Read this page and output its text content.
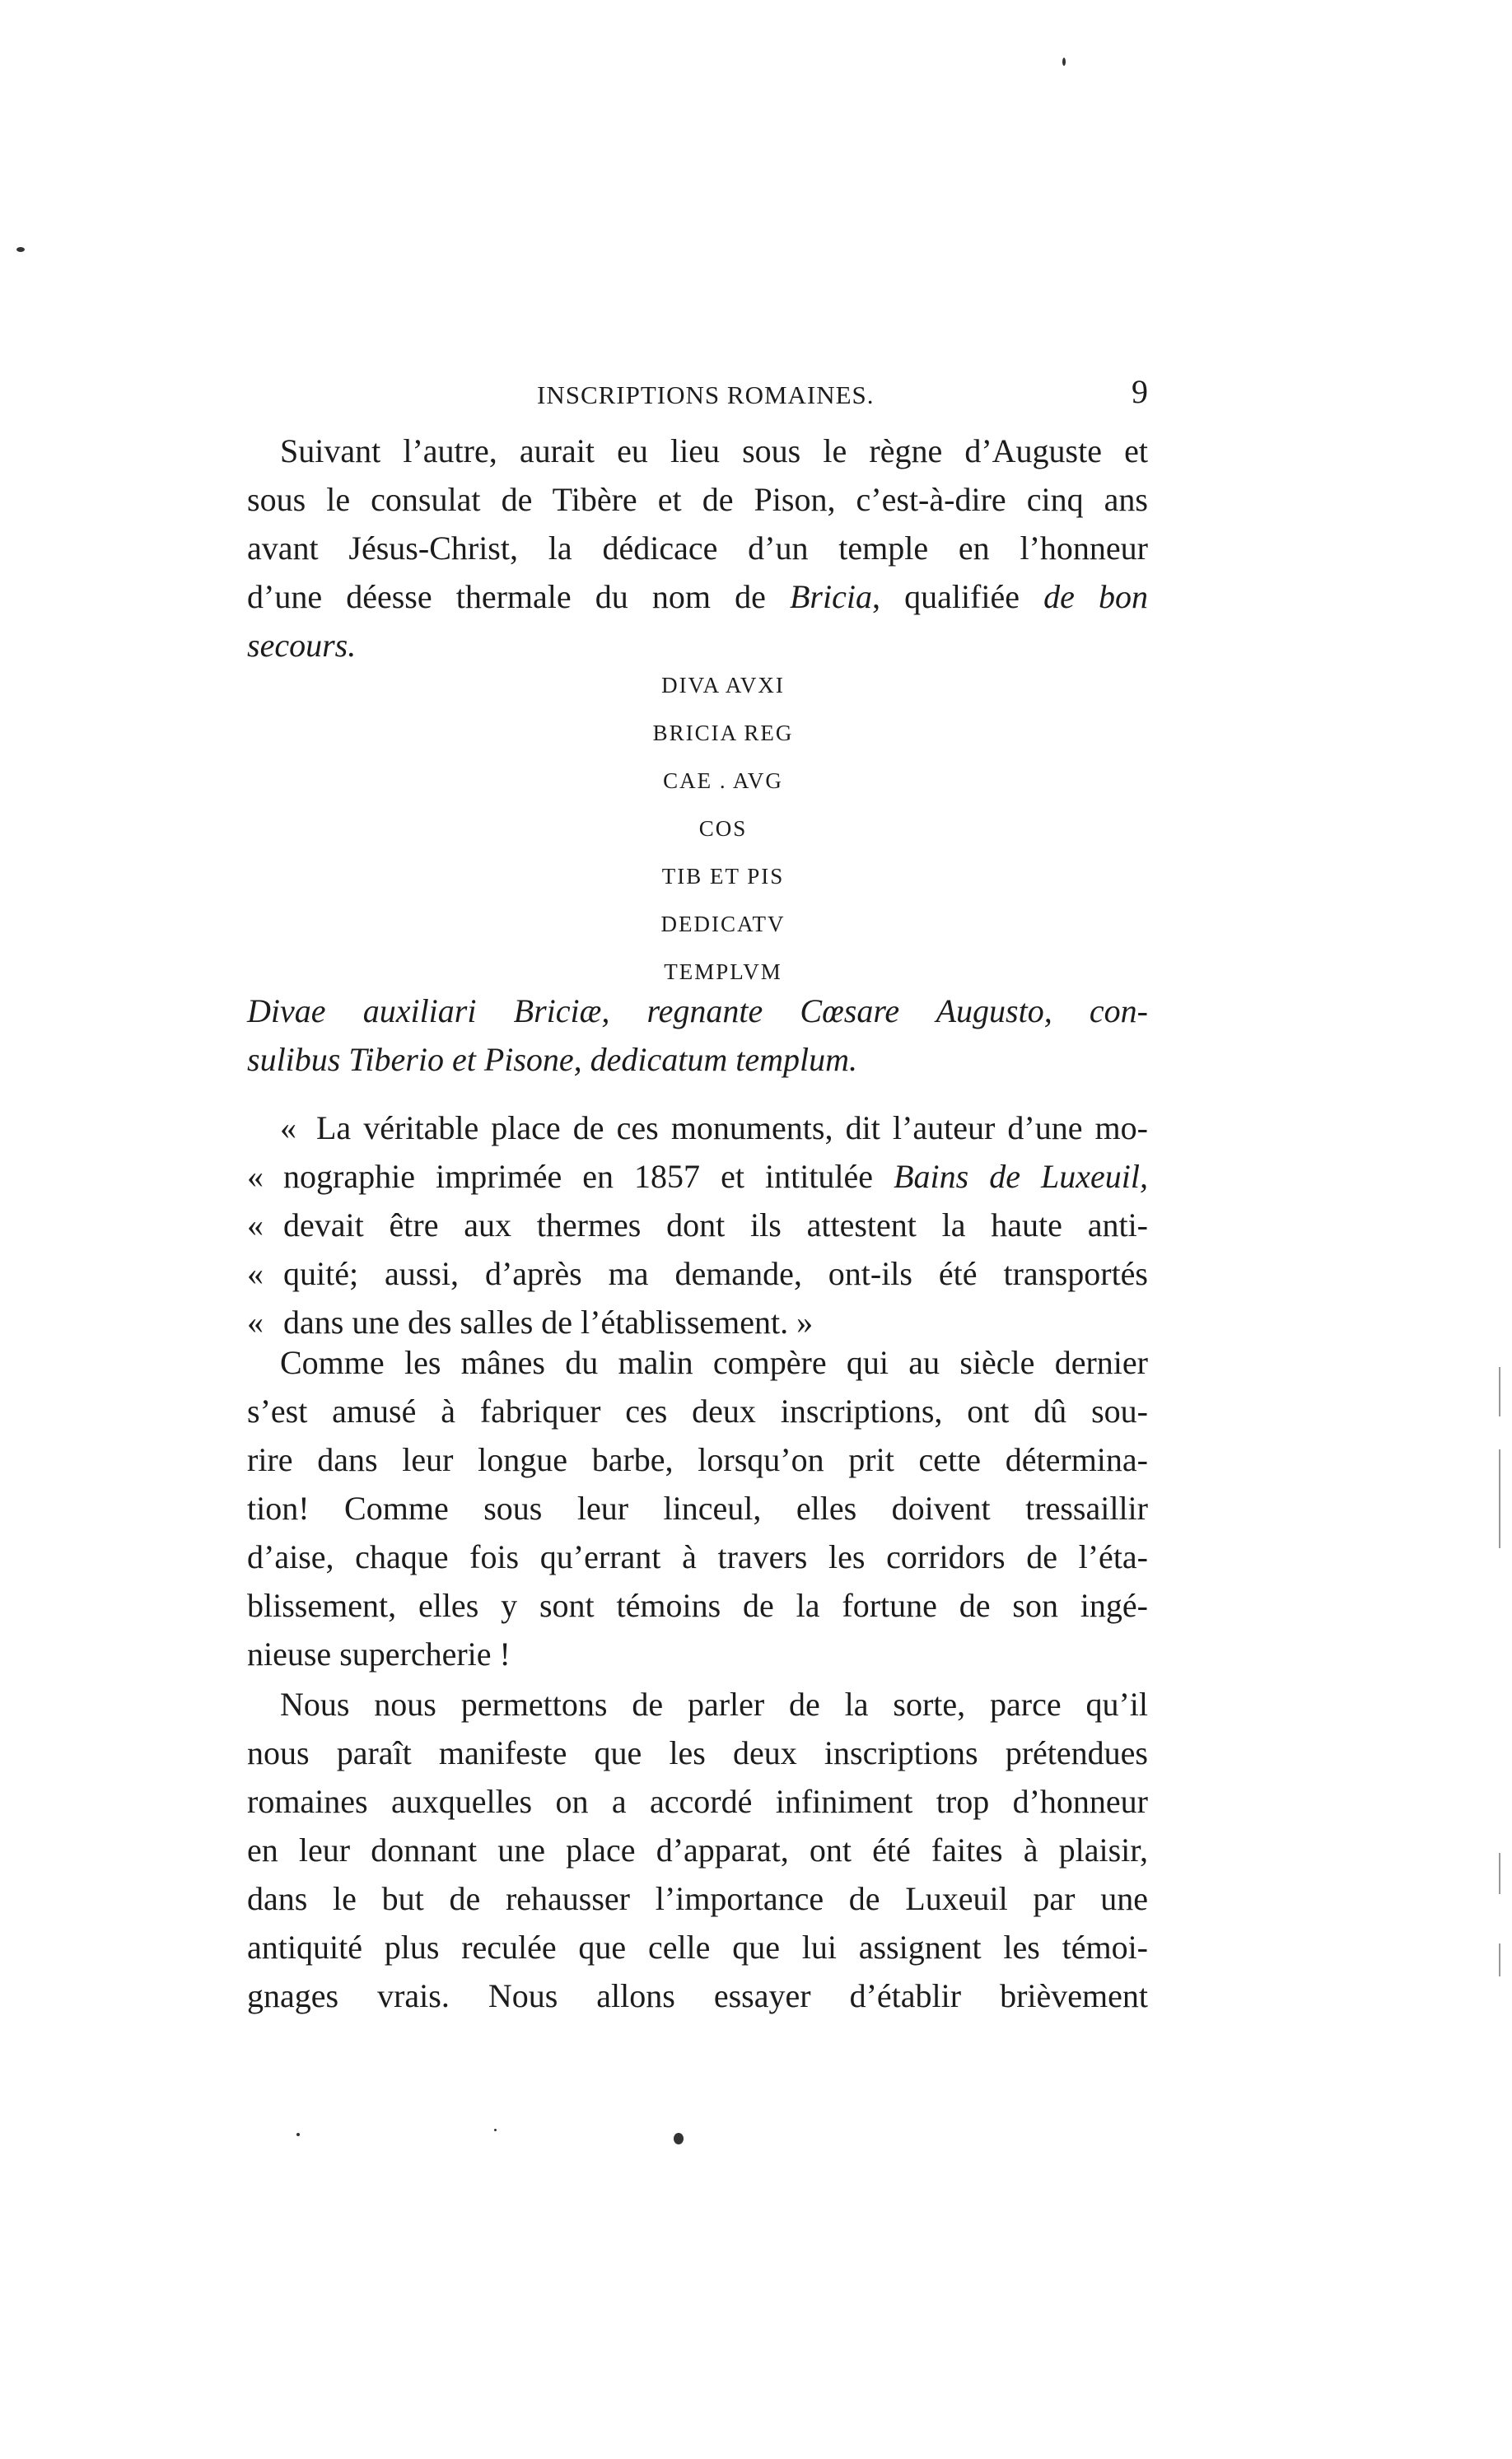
INSCRIPTIONS ROMAINES.	9
Suivant l’autre, aurait eu lieu sous le règne d’Auguste et
sous le consulat de Tibère et de Pison, c’est-à-dire cinq ans
avant Jésus-Christ, la dédicace d’un temple en l’honneur
d’une déesse thermale du nom de Bricia, qualifiée de bon
secours.
DIVA AVXI
BRICIA REG
CAE . AVG
COS
TIB ET PIS
DEDICATV
TEMPLVM
Divae auxiliari Briciæ, regnante Cœsare Augusto, con-
sulibus Tiberio et Pisone, dedicatum templum.
« La véritable place de ces monuments, dit l’auteur d’une mo-
« nographie imprimée en 1857 et intitulée Bains de Luxeuil,
« devait être aux thermes dont ils attestent la haute anti-
« quité; aussi, d’après ma demande, ont-ils été transportés
« dans une des salles de l’établissement. »
Comme les mânes du malin compère qui au siècle dernier
s’est amusé à fabriquer ces deux inscriptions, ont dû sou-
rire dans leur longue barbe, lorsqu’on prit cette détermina-
tion! Comme sous leur linceul, elles doivent tressaillir
d’aise, chaque fois qu’errant à travers les corridors de l’éta-
blissement, elles y sont témoins de la fortune de son ingé-
nieuse supercherie !
Nous nous permettons de parler de la sorte, parce qu’il
nous paraît manifeste que les deux inscriptions prétendues
romaines auxquelles on a accordé infiniment trop d’honneur
en leur donnant une place d’apparat, ont été faites à plaisir,
dans le but de rehausser l’importance de Luxeuil par une
antiquité plus reculée que celle que lui assignent les témoi-
gnages vrais. Nous allons essayer d’établir brièvement
